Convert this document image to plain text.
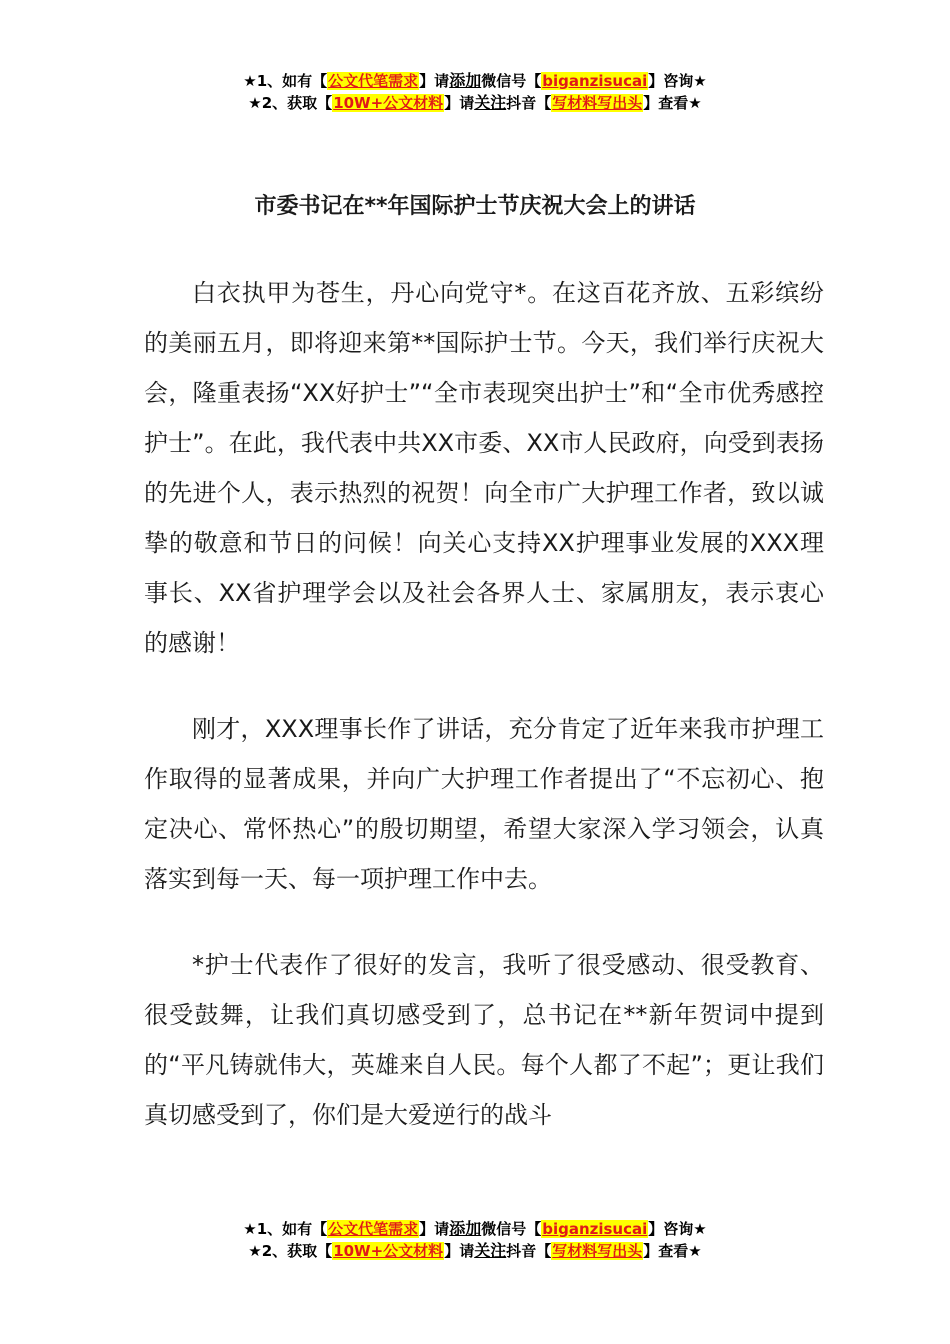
★1、如有【公文代笔需求】请添加微信号【biganzisucai】咨询★
★2、获取【10W+公文材料】请关注抖音【写材料写出头】查看★
市委书记在**年国际护士节庆祝大会上的讲话

白衣执甲为苍生，丹心向党守*。在这百花齐放、五彩缤纷的美丽五月，即将迎来第**国际护士节。今天，我们举行庆祝大会，隆重表扬“XX好护士”“全市表现突出护士”和“全市优秀感控护士”。在此，我代表中共XX市委、XX市人民政府，向受到表扬的先进个人，表示热烈的祝贺！向全市广大护理工作者，致以诚挚的敬意和节日的问候！向关心支持XX护理事业发展的XXX理事长、XX省护理学会以及社会各界人士、家属朋友，表示衷心的感谢！

刚才，XXX理事长作了讲话，充分肯定了近年来我市护理工作取得的显著成果，并向广大护理工作者提出了“不忘初心、抱定决心、常怀热心”的殷切期望，希望大家深入学习领会，认真落实到每一天、每一项护理工作中去。

*护士代表作了很好的发言，我听了很受感动、很受教育、很受鼓舞，让我们真切感受到了，总书记在**新年贺词中提到的“平凡铸就伟大，英雄来自人民。每个人都了不起”；更让我们真切感受到了，你们是大爱逆行的战斗

★1、如有【公文代笔需求】请添加微信号【biganzisucai】咨询★
★2、获取【10W+公文材料】请关注抖音【写材料写出头】查看★
